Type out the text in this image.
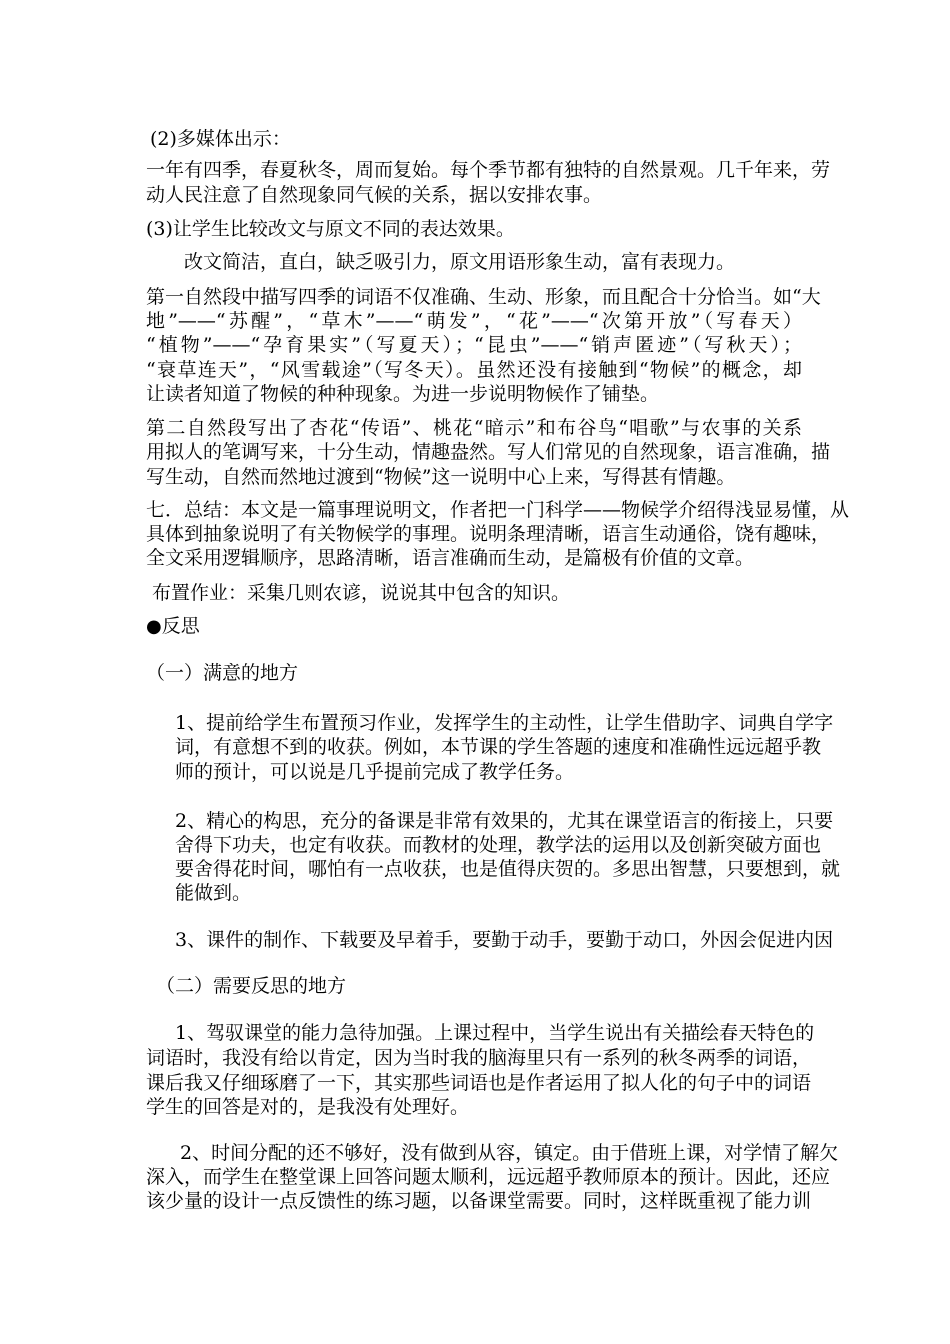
(2)多媒体出示：
一年有四季，春夏秋冬，周而复始。每个季节都有独特的自然景观。几千年来，劳
动人民注意了自然现象同气候的关系，据以安排农事。
(3)让学生比较改文与原文不同的表达效果。
改文简洁，直白，缺乏吸引力，原文用语形象生动，富有表现力。
第一自然段中描写四季的词语不仅准确、生动、形象，而且配合十分恰当。如“大
地”——“苏醒”，“草木”——“萌发”，“花”——“次第开放”（写春天）
“植物”——“孕育果实”（写夏天）；“昆虫”——“销声匿迹”（写秋天）；
“衰草连天”，“风雪载途”（写冬天）。虽然还没有接触到“物候”的概念，却
让读者知道了物候的种种现象。为进一步说明物候作了铺垫。
第二自然段写出了杏花“传语”、桃花“暗示”和布谷鸟“唱歌”与农事的关系
用拟人的笔调写来，十分生动，情趣盎然。写人们常见的自然现象，语言准确，描
写生动，自然而然地过渡到“物候”这一说明中心上来，写得甚有情趣。
七．总结：本文是一篇事理说明文，作者把一门科学——物候学介绍得浅显易懂，从
具体到抽象说明了有关物候学的事理。说明条理清晰，语言生动通俗，饶有趣味，
全文采用逻辑顺序，思路清晰，语言准确而生动，是篇极有价值的文章。
布置作业：采集几则农谚，说说其中包含的知识。
●反思
（一）满意的地方
1、提前给学生布置预习作业，发挥学生的主动性，让学生借助字、词典自学字
词，有意想不到的收获。例如，本节课的学生答题的速度和准确性远远超乎教
师的预计，可以说是几乎提前完成了教学任务。
2、精心的构思，充分的备课是非常有效果的，尤其在课堂语言的衔接上，只要
舍得下功夫，也定有收获。而教材的处理，教学法的运用以及创新突破方面也
要舍得花时间，哪怕有一点收获，也是值得庆贺的。多思出智慧，只要想到，就
能做到。
3、课件的制作、下载要及早着手，要勤于动手，要勤于动口，外因会促进内因
（二）需要反思的地方
1、驾驭课堂的能力急待加强。上课过程中，当学生说出有关描绘春天特色的
词语时，我没有给以肯定，因为当时我的脑海里只有一系列的秋冬两季的词语，
课后我又仔细琢磨了一下，其实那些词语也是作者运用了拟人化的句子中的词语
学生的回答是对的，是我没有处理好。
2、时间分配的还不够好，没有做到从容，镇定。由于借班上课，对学情了解欠
深入，而学生在整堂课上回答问题太顺利，远远超乎教师原本的预计。因此，还应
该少量的设计一点反馈性的练习题，以备课堂需要。同时，这样既重视了能力训
